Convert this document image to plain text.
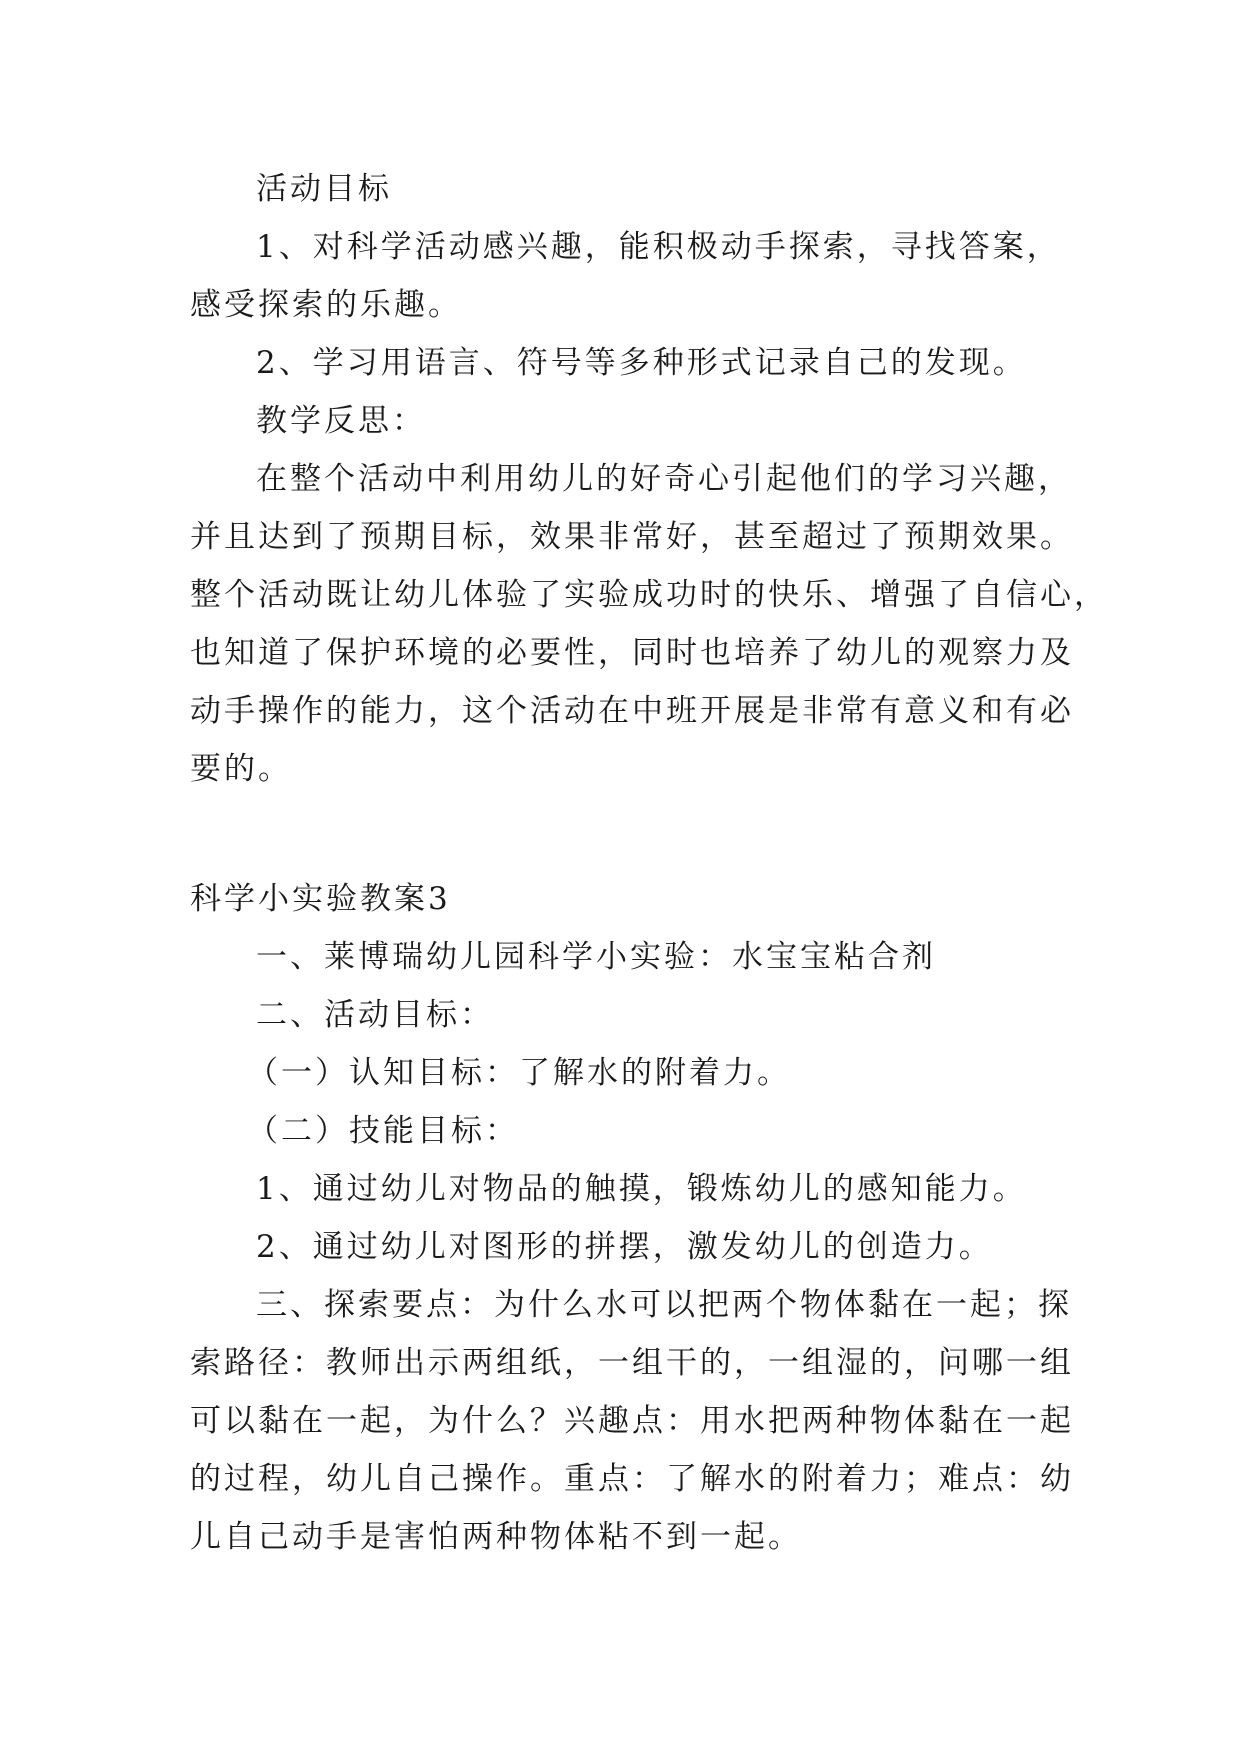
活动目标
1、对科学活动感兴趣，能积极动手探索，寻找答案，
感受探索的乐趣。
2、学习用语言、符号等多种形式记录自己的发现。
教学反思：
在整个活动中利用幼儿的好奇心引起他们的学习兴趣，
并且达到了预期目标，效果非常好，甚至超过了预期效果。
整个活动既让幼儿体验了实验成功时的快乐、增强了自信心，
也知道了保护环境的必要性，同时也培养了幼儿的观察力及
动手操作的能力，这个活动在中班开展是非常有意义和有必
要的。
科学小实验教案3
一、莱博瑞幼儿园科学小实验：水宝宝粘合剂
二、活动目标：
（一）认知目标：了解水的附着力。
（二）技能目标：
1、通过幼儿对物品的触摸，锻炼幼儿的感知能力。
2、通过幼儿对图形的拼摆，激发幼儿的创造力。
三、探索要点：为什么水可以把两个物体黏在一起；探
索路径：教师出示两组纸，一组干的，一组湿的，问哪一组
可以黏在一起，为什么？兴趣点：用水把两种物体黏在一起
的过程，幼儿自己操作。重点：了解水的附着力；难点：幼
儿自己动手是害怕两种物体粘不到一起。
